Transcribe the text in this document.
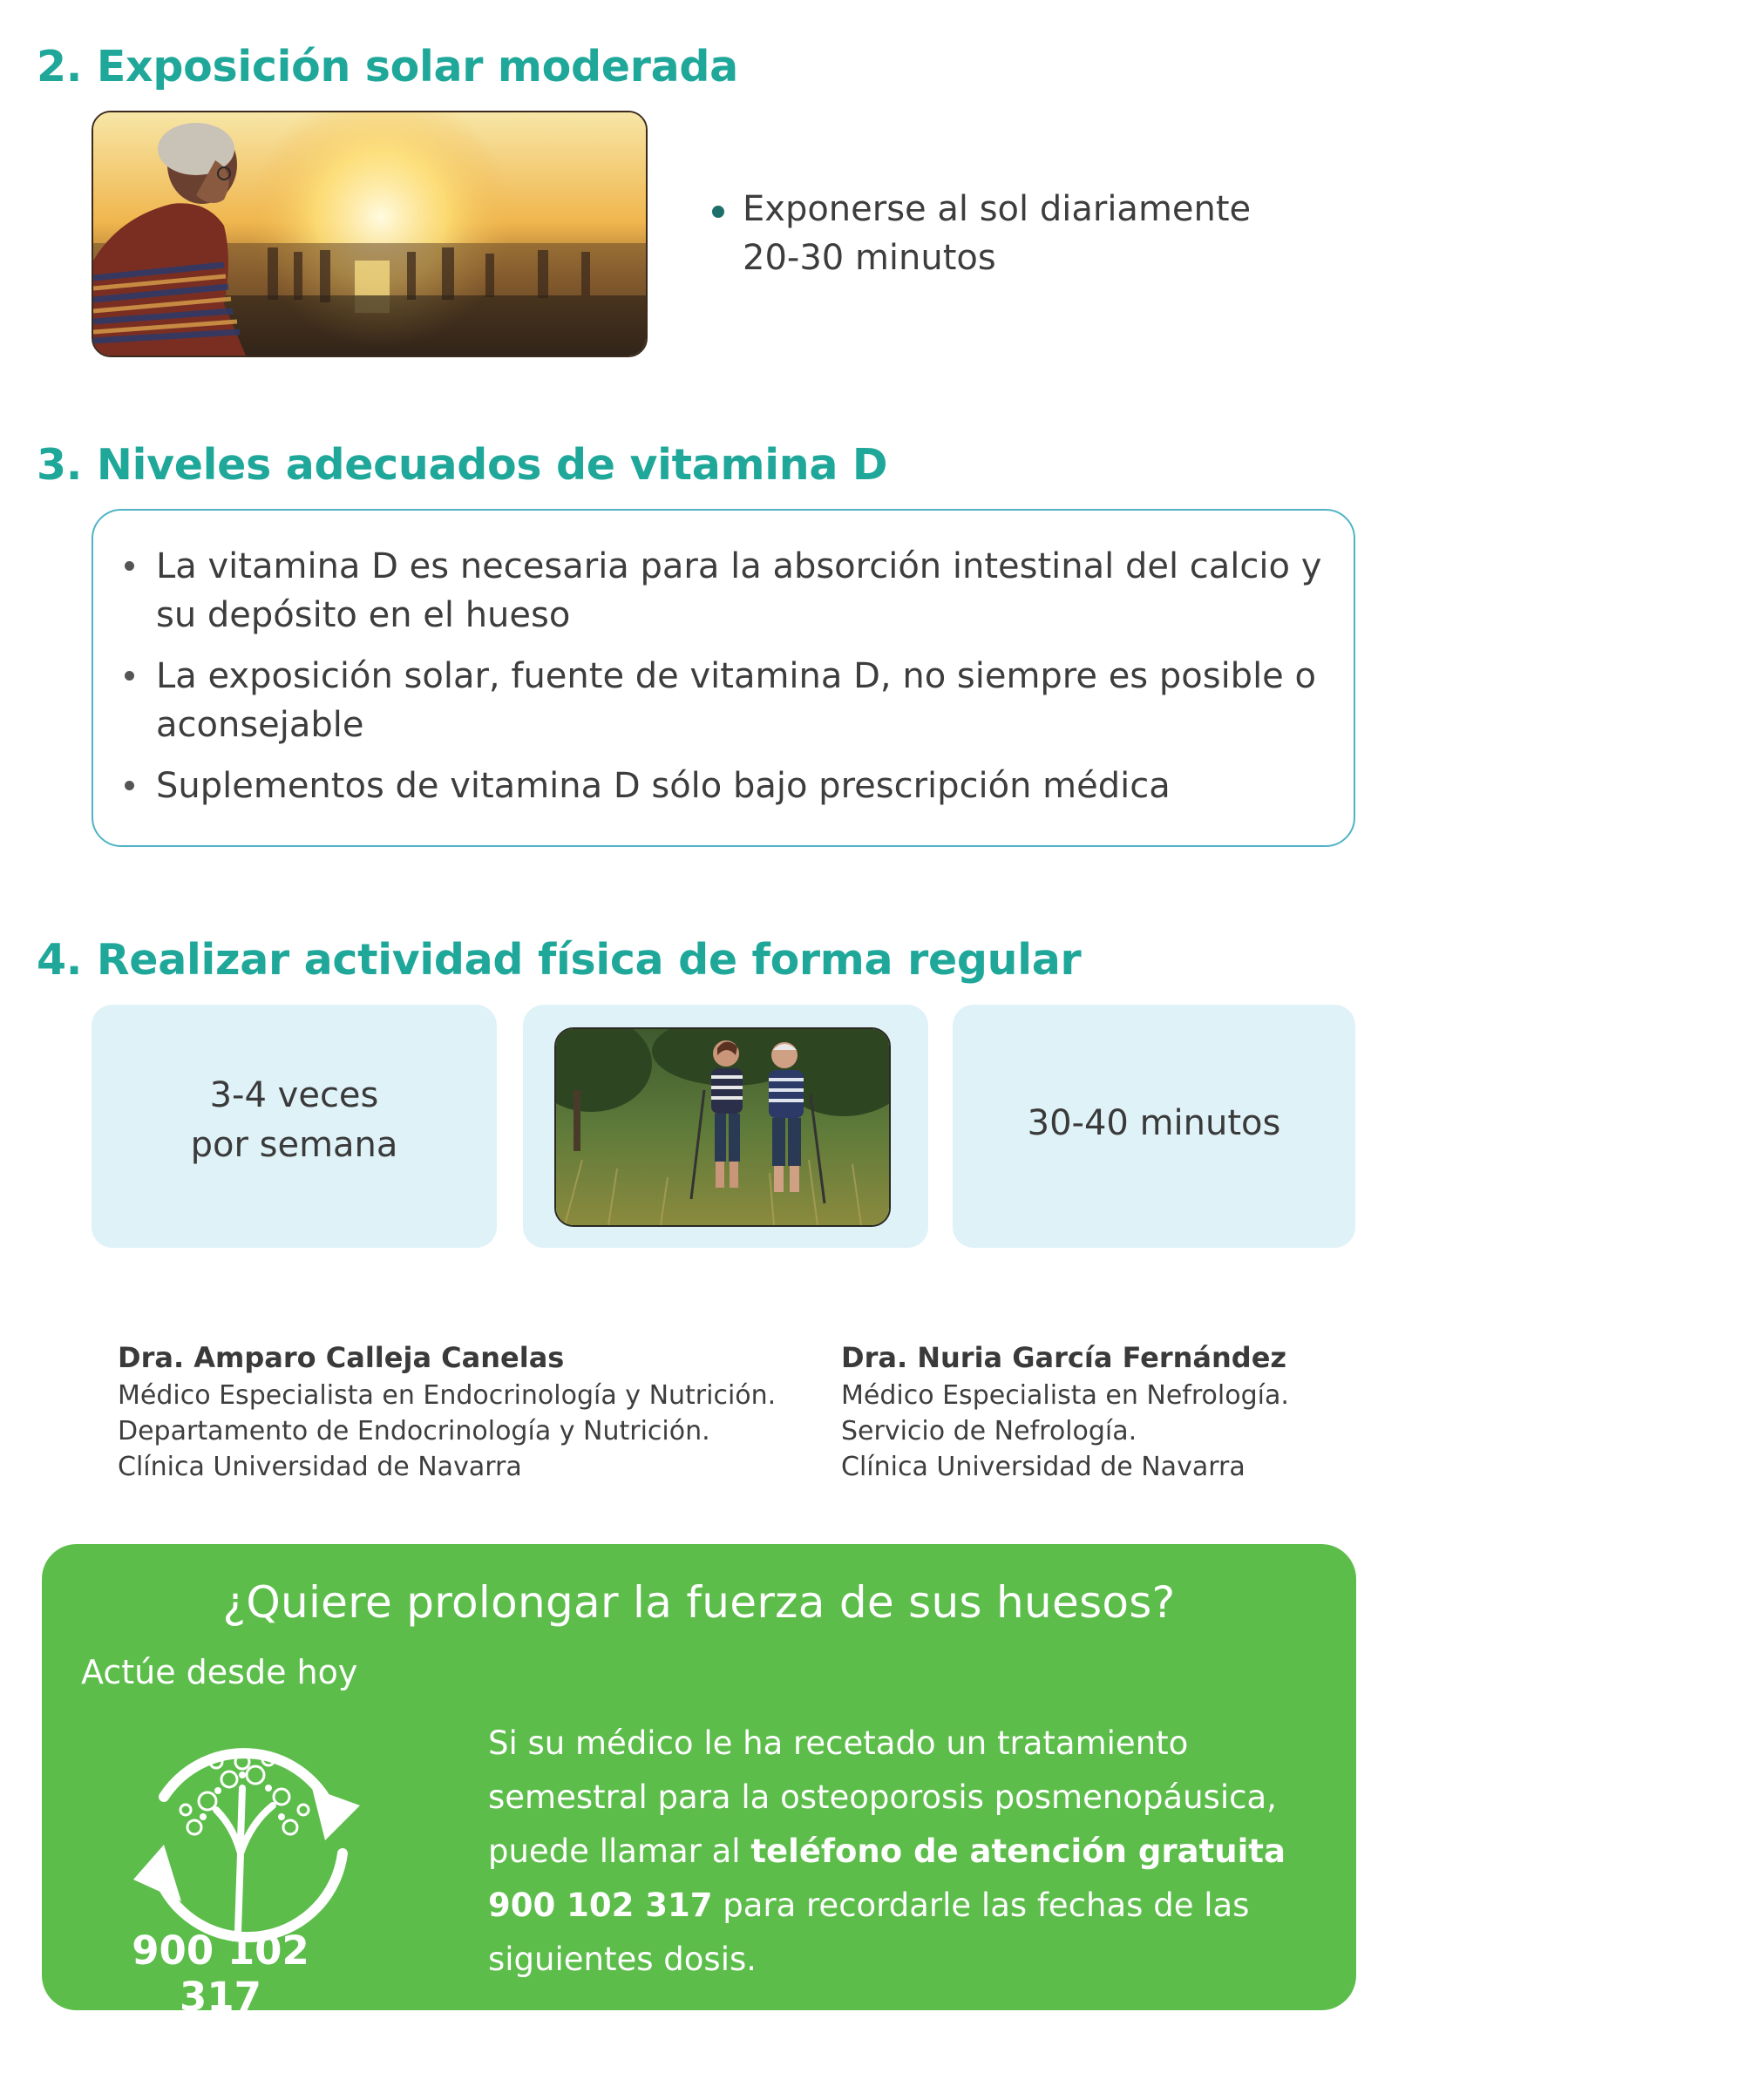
2. Exposición solar moderada
Exponerse al sol diariamente 20-30 minutos
3. Niveles adecuados de vitamina D
La vitamina D es necesaria para la absorción intestinal del calcio y su depósito en el hueso
La exposición solar, fuente de vitamina D, no siempre es posible o aconsejable
Suplementos de vitamina D sólo bajo prescripción médica
4. Realizar actividad física de forma regular
3-4 veces
por semana
30-40 minutos
Dra. Amparo Calleja Canelas
Médico Especialista en Endocrinología y Nutrición.
Departamento de Endocrinología y Nutrición.
Clínica Universidad de Navarra
Dra. Nuria García Fernández
Médico Especialista en Nefrología.
Servicio de Nefrología.
Clínica Universidad de Navarra
¿Quiere prolongar la fuerza de sus huesos?
Actúe desde hoy
900 102 317
Si su médico le ha recetado un tratamiento semestral para la osteoporosis posmenopáusica, puede llamar al teléfono de atención gratuita
900 102 317 para recordarle las fechas de las siguientes dosis.
